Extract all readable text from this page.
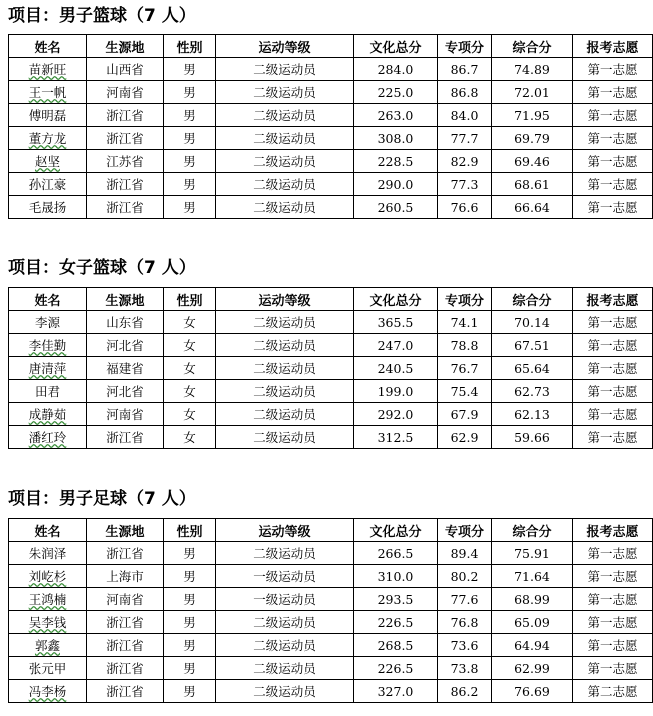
项目：男子篮球（7 人）
姓名	生源地	性别	运动等级	文化总分	专项分	综合分	报考志愿
苗新旺	山西省	男	二级运动员	284.0	86.7	74.89	第一志愿
王一帆	河南省	男	二级运动员	225.0	86.8	72.01	第一志愿
傅明磊	浙江省	男	二级运动员	263.0	84.0	71.95	第一志愿
董方龙	浙江省	男	二级运动员	308.0	77.7	69.79	第一志愿
赵坚	江苏省	男	二级运动员	228.5	82.9	69.46	第一志愿
孙江豪	浙江省	男	二级运动员	290.0	77.3	68.61	第一志愿
毛晟扬	浙江省	男	二级运动员	260.5	76.6	66.64	第一志愿
项目：女子篮球（7 人）
姓名	生源地	性别	运动等级	文化总分	专项分	综合分	报考志愿
李源	山东省	女	二级运动员	365.5	74.1	70.14	第一志愿
李佳勤	河北省	女	二级运动员	247.0	78.8	67.51	第一志愿
唐清萍	福建省	女	二级运动员	240.5	76.7	65.64	第一志愿
田君	河北省	女	二级运动员	199.0	75.4	62.73	第一志愿
成静茹	河南省	女	二级运动员	292.0	67.9	62.13	第一志愿
潘红玲	浙江省	女	二级运动员	312.5	62.9	59.66	第一志愿
项目：男子足球（7 人）
姓名	生源地	性别	运动等级	文化总分	专项分	综合分	报考志愿
朱润泽	浙江省	男	二级运动员	266.5	89.4	75.91	第一志愿
刘屹杉	上海市	男	一级运动员	310.0	80.2	71.64	第一志愿
王鸿楠	河南省	男	一级运动员	293.5	77.6	68.99	第一志愿
吴李钱	浙江省	男	二级运动员	226.5	76.8	65.09	第一志愿
郭鑫	浙江省	男	二级运动员	268.5	73.6	64.94	第一志愿
张元甲	浙江省	男	二级运动员	226.5	73.8	62.99	第一志愿
冯李杨	浙江省	男	二级运动员	327.0	86.2	76.69	第二志愿
